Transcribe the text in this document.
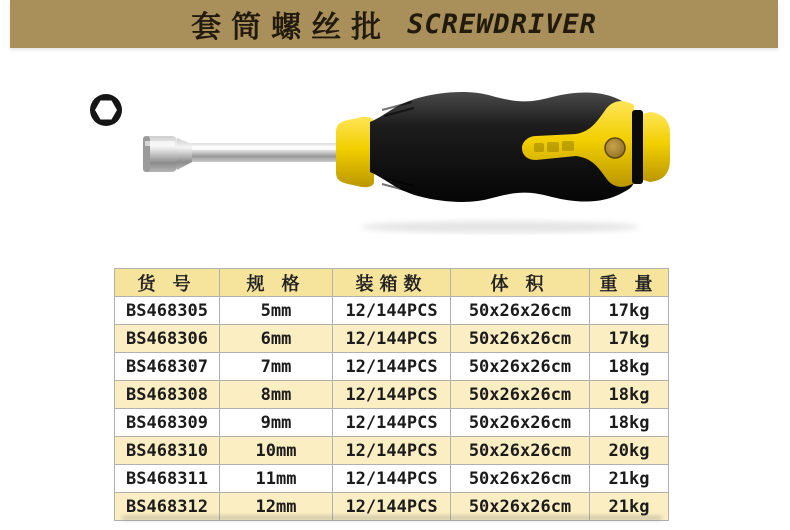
套筒螺丝批 SCREWDRIVER
货 号	规 格	装箱数	体 积	重 量
BS468305	5mm	12/144PCS	50x26x26cm	17kg
BS468306	6mm	12/144PCS	50x26x26cm	17kg
BS468307	7mm	12/144PCS	50x26x26cm	18kg
BS468308	8mm	12/144PCS	50x26x26cm	18kg
BS468309	9mm	12/144PCS	50x26x26cm	18kg
BS468310	10mm	12/144PCS	50x26x26cm	20kg
BS468311	11mm	12/144PCS	50x26x26cm	21kg
BS468312	12mm	12/144PCS	50x26x26cm	21kg
